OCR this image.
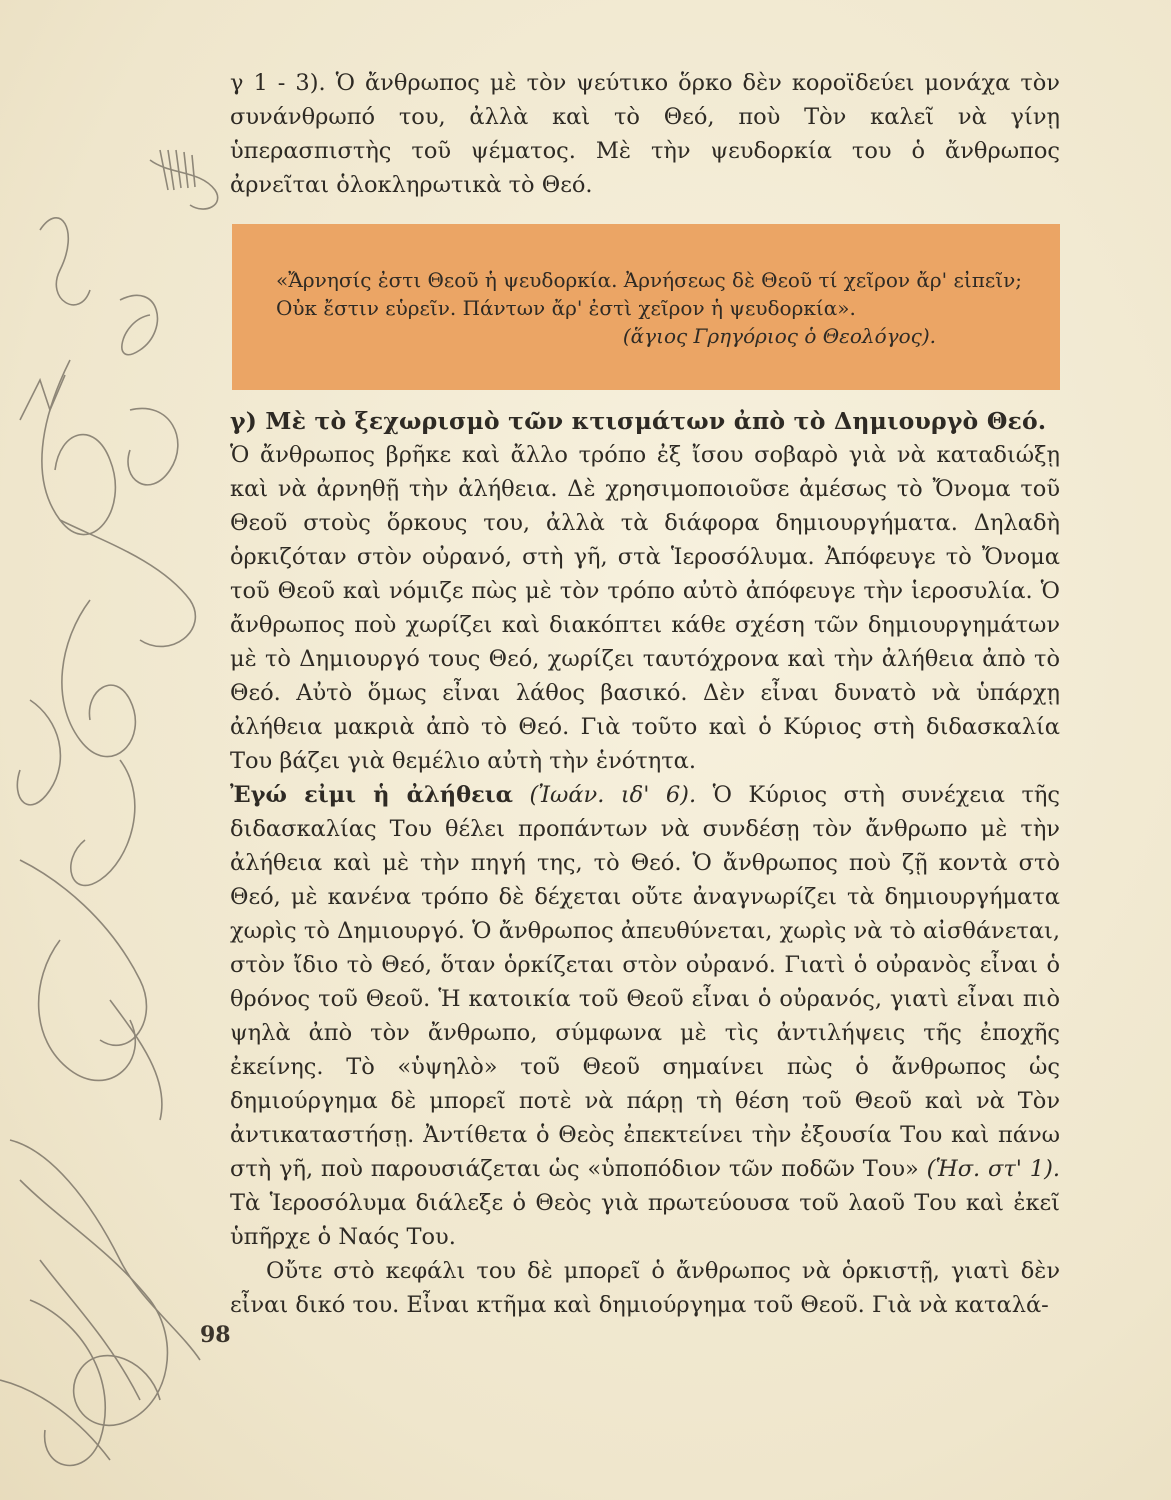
γ 1 - 3). Ὁ ἄνθρωπος μὲ τὸν ψεύτικο ὅρκο δὲν κοροϊδεύει μονάχα τὸν συνάνθρωπό του, ἀλλὰ καὶ τὸ Θεό, ποὺ Τὸν καλεῖ νὰ γίνῃ ὑπερασπιστὴς τοῦ ψέματος. Μὲ τὴν ψευδορκία του ὁ ἄνθρωπος ἀρνεῖται ὁλοκληρωτικὰ τὸ Θεό.

«Ἄρνησίς ἐστι Θεοῦ ἡ ψευδορκία. Ἀρνήσεως δὲ Θεοῦ τί χεῖρον ἄρ' εἰπεῖν; Οὐκ ἔστιν εὑρεῖν. Πάντων ἄρ' ἐστὶ χεῖρον ἡ ψευδορκία».

(ἅγιος Γρηγόριος ὁ Θεολόγος).

γ) Μὲ τὸ ξεχωρισμὸ τῶν κτισμάτων ἀπὸ τὸ Δημιουργὸ Θεό.

Ὁ ἄνθρωπος βρῆκε καὶ ἄλλο τρόπο ἐξ ἴσου σοβαρὸ γιὰ νὰ καταδιώξῃ καὶ νὰ ἀρνηθῇ τὴν ἀλήθεια. Δὲ χρησιμοποιοῦσε ἀμέσως τὸ Ὄνομα τοῦ Θεοῦ στοὺς ὅρκους του, ἀλλὰ τὰ διάφορα δημιουργήματα. Δηλαδὴ ὁρκιζόταν στὸν οὐρανό, στὴ γῆ, στὰ Ἱεροσόλυμα. Ἀπόφευγε τὸ Ὄνομα τοῦ Θεοῦ καὶ νόμιζε πὼς μὲ τὸν τρόπο αὐτὸ ἀπόφευγε τὴν ἱεροσυλία. Ὁ ἄνθρωπος ποὺ χωρίζει καὶ διακόπτει κάθε σχέση τῶν δημιουργημάτων μὲ τὸ Δημιουργό τους Θεό, χωρίζει ταυτόχρονα καὶ τὴν ἀλήθεια ἀπὸ τὸ Θεό. Αὐτὸ ὅμως εἶναι λάθος βασικό. Δὲν εἶναι δυνατὸ νὰ ὑπάρχῃ ἀλήθεια μακριὰ ἀπὸ τὸ Θεό. Γιὰ τοῦτο καὶ ὁ Κύριος στὴ διδασκαλία Του βάζει γιὰ θεμέλιο αὐτὴ τὴν ἑνότητα.

Ἐγώ εἰμι ἡ ἀλήθεια (Ἰωάν. ιδ' 6). Ὁ Κύριος στὴ συνέχεια τῆς διδασκαλίας Του θέλει προπάντων νὰ συνδέσῃ τὸν ἄνθρωπο μὲ τὴν ἀλήθεια καὶ μὲ τὴν πηγή της, τὸ Θεό. Ὁ ἄνθρωπος ποὺ ζῇ κοντὰ στὸ Θεό, μὲ κανένα τρόπο δὲ δέχεται οὔτε ἀναγνωρίζει τὰ δημιουργήματα χωρὶς τὸ Δημιουργό. Ὁ ἄνθρωπος ἀπευθύνεται, χωρὶς νὰ τὸ αἰσθάνεται, στὸν ἴδιο τὸ Θεό, ὅταν ὁρκίζεται στὸν οὐρανό. Γιατὶ ὁ οὐρανὸς εἶναι ὁ θρόνος τοῦ Θεοῦ. Ἡ κατοικία τοῦ Θεοῦ εἶναι ὁ οὐρανός, γιατὶ εἶναι πιὸ ψηλὰ ἀπὸ τὸν ἄνθρωπο, σύμφωνα μὲ τὶς ἀντιλήψεις τῆς ἐποχῆς ἐκείνης. Τὸ «ὑψηλὸ» τοῦ Θεοῦ σημαίνει πὼς ὁ ἄνθρωπος ὡς δημιούργημα δὲ μπορεῖ ποτὲ νὰ πάρῃ τὴ θέση τοῦ Θεοῦ καὶ νὰ Τὸν ἀντικαταστήσῃ. Ἀντίθετα ὁ Θεὸς ἐπεκτείνει τὴν ἐξουσία Του καὶ πάνω στὴ γῆ, ποὺ παρουσιάζεται ὡς «ὑποπόδιον τῶν ποδῶν Του» (Ἡσ. στ' 1). Τὰ Ἱεροσόλυμα διάλεξε ὁ Θεὸς γιὰ πρωτεύουσα τοῦ λαοῦ Του καὶ ἐκεῖ ὑπῆρχε ὁ Ναός Του.

Οὔτε στὸ κεφάλι του δὲ μπορεῖ ὁ ἄνθρωπος νὰ ὁρκιστῇ, γιατὶ δὲν εἶναι δικό του. Εἶναι κτῆμα καὶ δημιούργημα τοῦ Θεοῦ. Γιὰ νὰ καταλά-

98
